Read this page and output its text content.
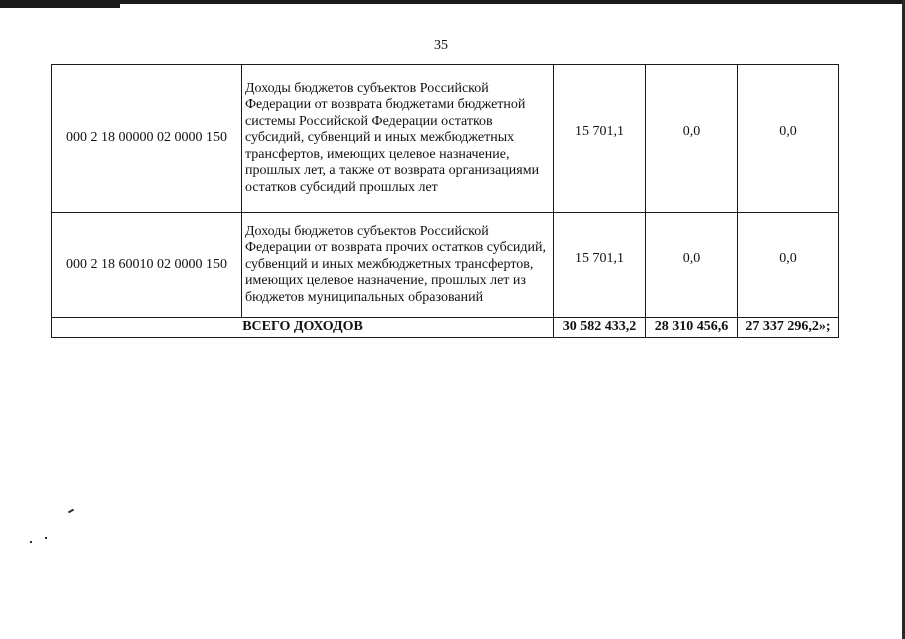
35
000 2 18 00000 02 0000 150	Доходы бюджетов субъектов Российской Федерации от возврата бюджетами бюджетной системы Российской Федерации остатков субсидий, субвенций и иных межбюджетных трансфертов, имеющих целевое назначение, прошлых лет, а также от возврата организациями остатков субсидий прошлых лет	15 701,1	0,0	0,0
000 2 18 60010 02 0000 150	Доходы бюджетов субъектов Российской Федерации от возврата прочих остатков субсидий, субвенций и иных межбюджетных трансфертов, имеющих целевое назначение, прошлых лет из бюджетов муниципальных образований	15 701,1	0,0	0,0
ВСЕГО ДОХОДОВ		30 582 433,2	28 310 456,6	27 337 296,2»;
